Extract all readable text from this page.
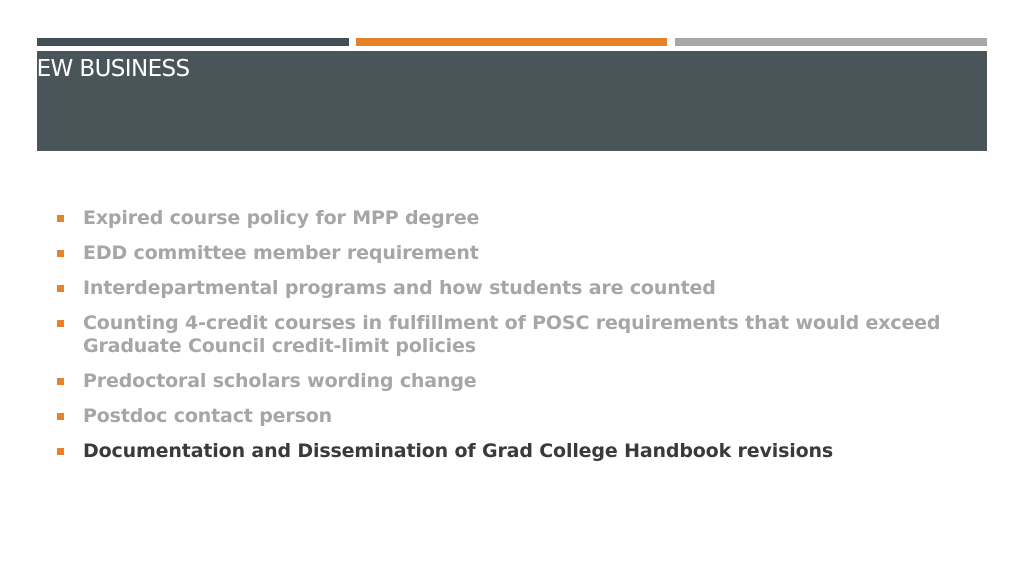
NEW BUSINESS
Expired course policy for MPP degree
EDD committee member requirement
Interdepartmental programs and how students are counted
Counting 4-credit courses in fulfillment of POSC requirements that would exceed Graduate Council credit-limit policies
Predoctoral scholars wording change
Postdoc contact person
Documentation and Dissemination of Grad College Handbook revisions
